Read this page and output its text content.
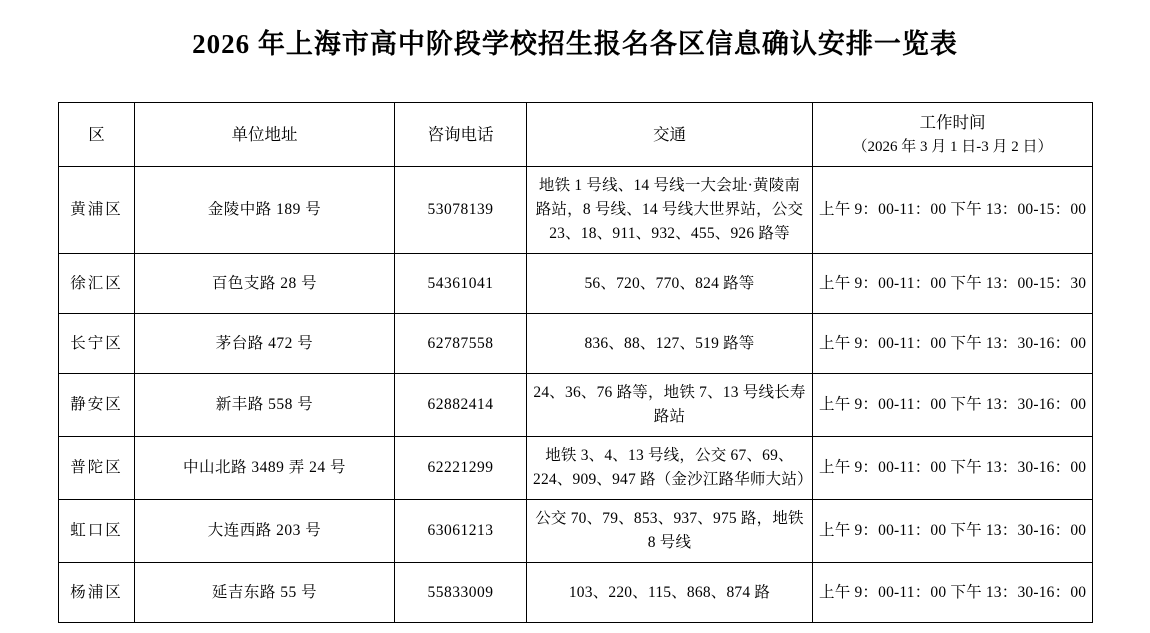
2026 年上海市高中阶段学校招生报名各区信息确认安排一览表
区	单位地址	咨询电话	交通	工作时间
（2026 年 3 月 1 日-3 月 2 日）

黄浦区	金陵中路 189 号	53078139	地铁 1 号线、14 号线一大会址·黄陵南路站，8 号线、14 号线大世界站，公交 23、18、911、932、455、926 路等	上午 9：00-11：00 下午 13：00-15：00
徐汇区	百色支路 28 号	54361041	56、720、770、824 路等	上午 9：00-11：00 下午 13：00-15：30
长宁区	茅台路 472 号	62787558	836、88、127、519 路等	上午 9：00-11：00 下午 13：30-16：00
静安区	新丰路 558 号	62882414	24、36、76 路等，地铁 7、13 号线长寿路站	上午 9：00-11：00 下午 13：30-16：00
普陀区	中山北路 3489 弄 24 号	62221299	地铁 3、4、13 号线，公交 67、69、224、909、947 路（金沙江路华师大站）	上午 9：00-11：00 下午 13：30-16：00
虹口区	大连西路 203 号	63061213	公交 70、79、853、937、975 路，地铁 8 号线	上午 9：00-11：00 下午 13：30-16：00
杨浦区	延吉东路 55 号	55833009	103、220、115、868、874 路	上午 9：00-11：00 下午 13：30-16：00
